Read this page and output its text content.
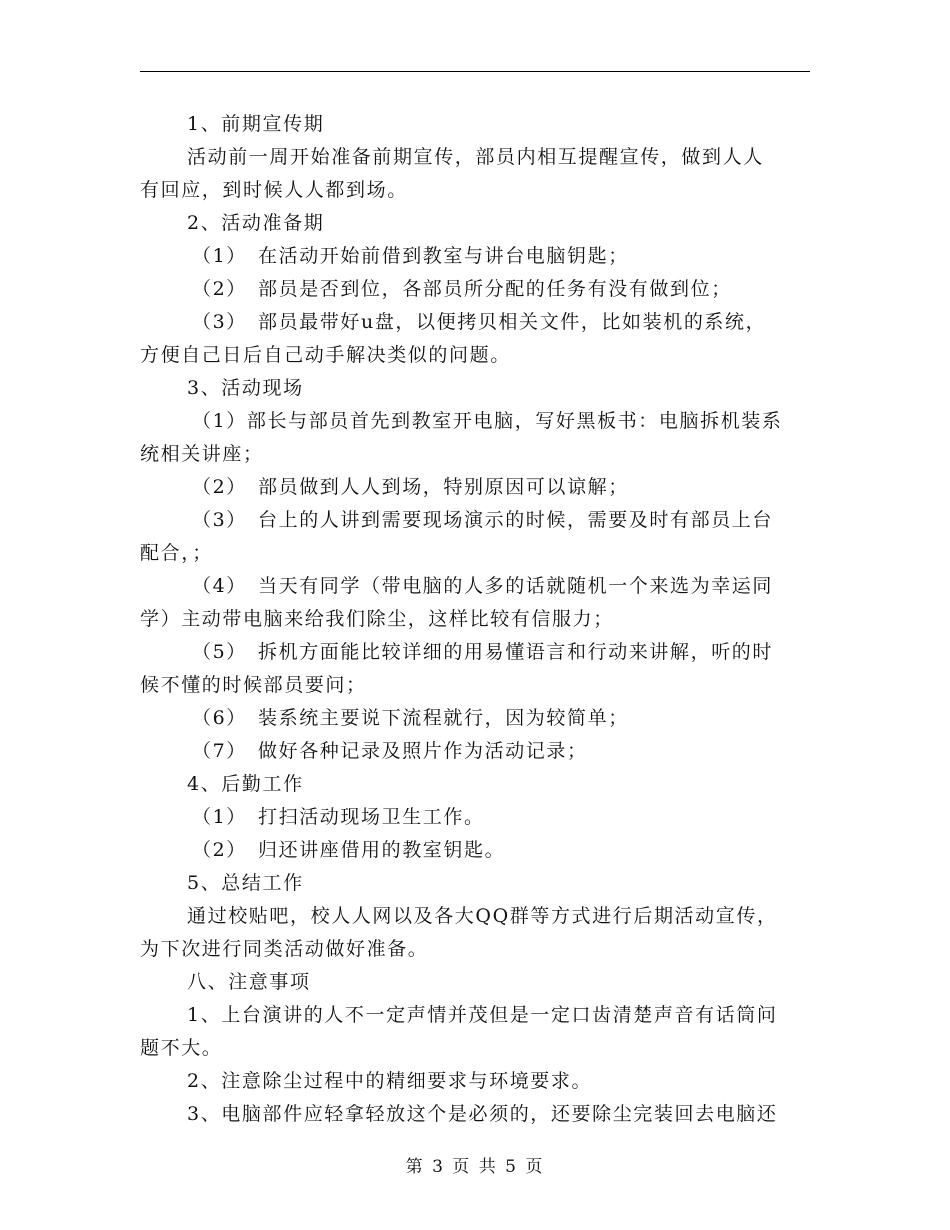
1、前期宣传期
活动前一周开始准备前期宣传，部员内相互提醒宣传，做到人人
有回应，到时候人人都到场。
2、活动准备期
（1）　在活动开始前借到教室与讲台电脑钥匙；
（2）　部员是否到位，各部员所分配的任务有没有做到位；
（3）　部员最带好u盘，以便拷贝相关文件，比如装机的系统，
方便自己日后自己动手解决类似的问题。
3、活动现场
（1）部长与部员首先到教室开电脑，写好黑板书：电脑拆机装系
统相关讲座；
（2）　部员做到人人到场，特别原因可以谅解；
（3）　台上的人讲到需要现场演示的时候，需要及时有部员上台
配合，；
（4）　当天有同学（带电脑的人多的话就随机一个来选为幸运同
学）主动带电脑来给我们除尘，这样比较有信服力；
（5）　拆机方面能比较详细的用易懂语言和行动来讲解，听的时
候不懂的时候部员要问；
（6）　装系统主要说下流程就行，因为较简单；
（7）　做好各种记录及照片作为活动记录；
4、后勤工作
（1）　打扫活动现场卫生工作。
（2）　归还讲座借用的教室钥匙。
5、总结工作
通过校贴吧，校人人网以及各大QQ群等方式进行后期活动宣传，
为下次进行同类活动做好准备。
八、注意事项
1、上台演讲的人不一定声情并茂但是一定口齿清楚声音有话筒问
题不大。
2、注意除尘过程中的精细要求与环境要求。
3、电脑部件应轻拿轻放这个是必须的，还要除尘完装回去电脑还
第 3 页 共 5 页
